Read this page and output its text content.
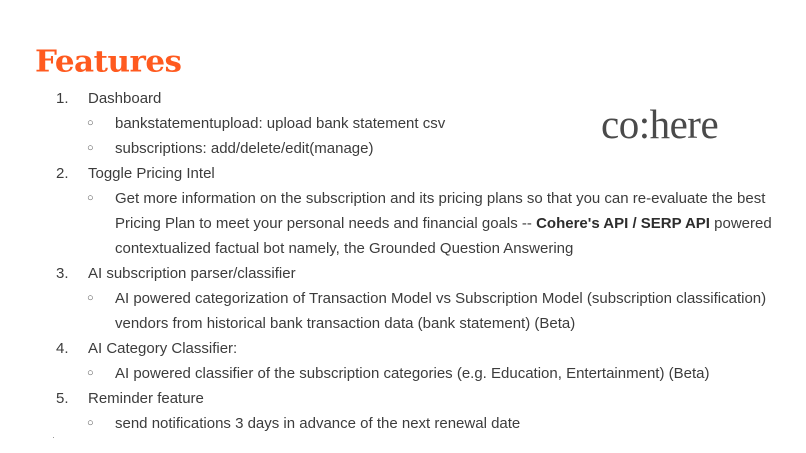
Features
co:here
1. Dashboard
○ bankstatementupload: upload bank statement csv
○ subscriptions: add/delete/edit(manage)
2. Toggle Pricing Intel
○ Get more information on the subscription and its pricing plans so that you can re-evaluate the best
Pricing Plan to meet your personal needs and financial goals -- Cohere's API / SERP API powered
contextualized factual bot namely, the Grounded Question Answering
3. AI subscription parser/classifier
○ AI powered categorization of Transaction Model vs Subscription Model (subscription classification)
vendors from historical bank transaction data (bank statement) (Beta)
4. AI Category Classifier:
○ AI powered classifier of the subscription categories (e.g. Education, Entertainment) (Beta)
5. Reminder feature
○ send notifications 3 days in advance of the next renewal date
